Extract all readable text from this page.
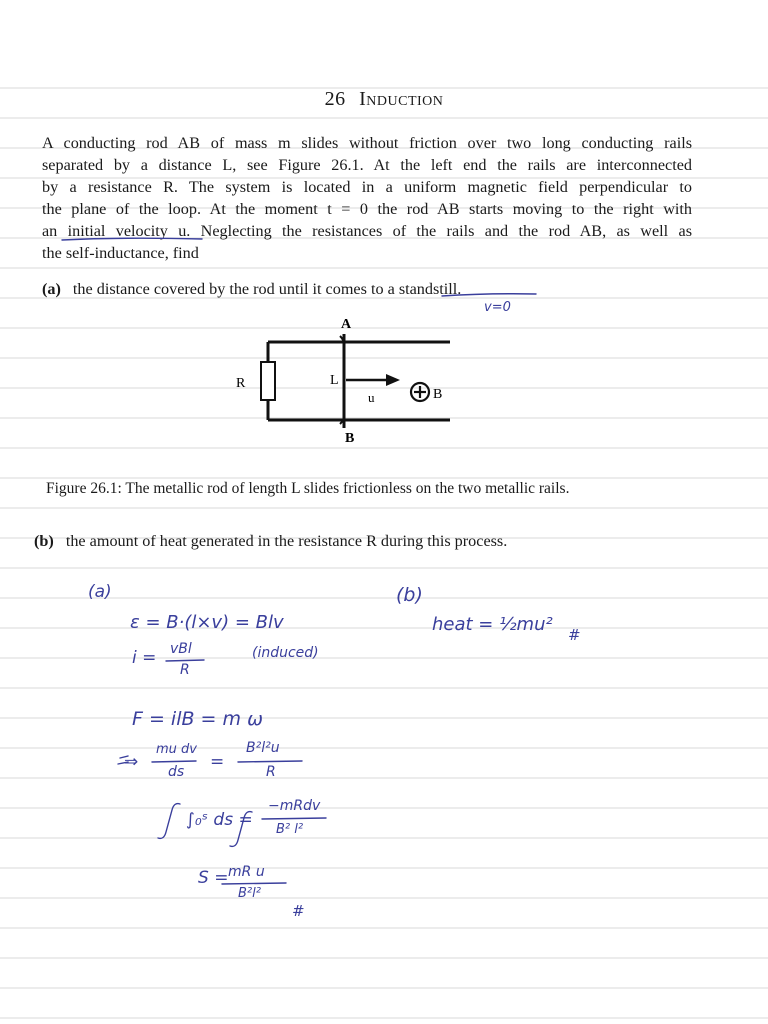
26 Induction
A conducting rod AB of mass m slides without friction over two long conducting rails
separated by a distance L, see Figure 26.1. At the left end the rails are interconnected
by a resistance R. The system is located in a uniform magnetic field perpendicular to
the plane of the loop. At the moment t = 0 the rod AB starts moving to the right with
an initial velocity u. Neglecting the resistances of the rails and the rod AB, as well as
the self-inductance, find
(a) the distance covered by the rod until it comes to a standstill.
A
B
R	L
u	B
Figure 26.1: The metallic rod of length L slides frictionless on the two metallic rails.
(b) the amount of heat generated in the resistance R during this process.
v=0
(a)
ε = B·(l×v) = Blv
i = vBl
R
(induced)
F = ilB = m ω
⇒
mu dv
ds =
B²l²u
R
∫₀ˢ ds =
−mRdv
B² l²
S = mR u
B²l²
#
(b)
heat = ½mu² #
